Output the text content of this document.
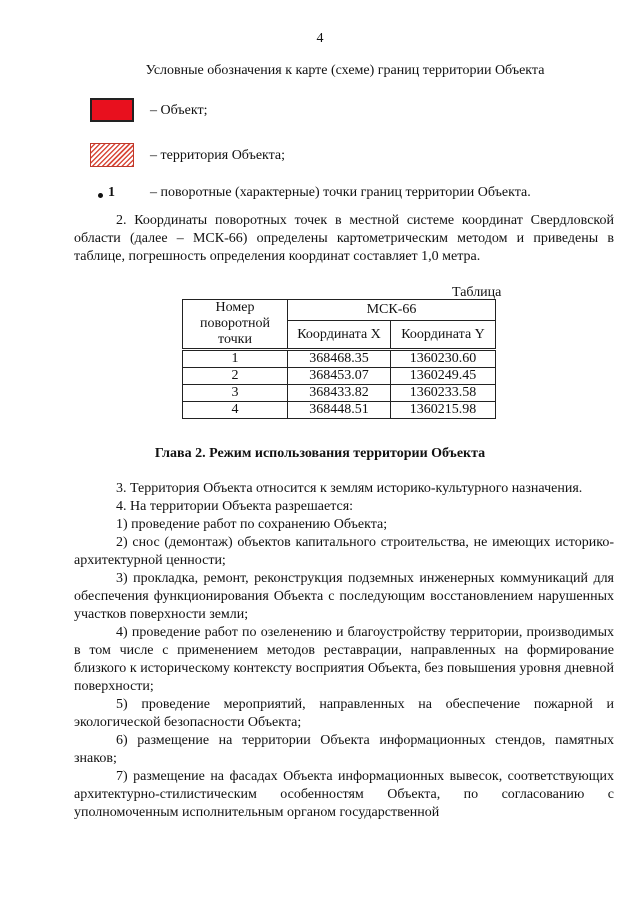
4
Условные обозначения к карте (схеме) границ территории Объекта
– Объект;
– территория Объекта;
1	– поворотные (характерные) точки границ территории Объекта.

2. Координаты поворотных точек в местной системе координат Свердловской области (далее – МСК-66) определены картометрическим методом и приведены в таблице, погрешность определения координат составляет 1,0 метра.

Таблица
Номер поворотной точки	МСК-66	
	Координата X	Координата Y
1	368468.35	1360230.60
2	368453.07	1360249.45
3	368433.82	1360233.58
4	368448.51	1360215.98
Глава 2. Режим использования территории Объекта

3. Территория Объекта относится к землям историко-культурного назначения.

4. На территории Объекта разрешается:

1) проведение работ по сохранению Объекта;

2) снос (демонтаж) объектов капитального строительства, не имеющих историко-архитектурной ценности;

3) прокладка, ремонт, реконструкция подземных инженерных коммуникаций для обеспечения функционирования Объекта с последующим восстановлением нарушенных участков поверхности земли;

4) проведение работ по озеленению и благоустройству территории, производимых в том числе с применением методов реставрации, направленных на формирование близкого к историческому контексту восприятия Объекта, без повышения уровня дневной поверхности;

5) проведение мероприятий, направленных на обеспечение пожарной и экологической безопасности Объекта;

6) размещение на территории Объекта информационных стендов, памятных знаков;

7) размещение на фасадах Объекта информационных вывесок, соответствующих архитектурно-стилистическим особенностям Объекта, по согласованию с уполномоченным исполнительным органом государственной
